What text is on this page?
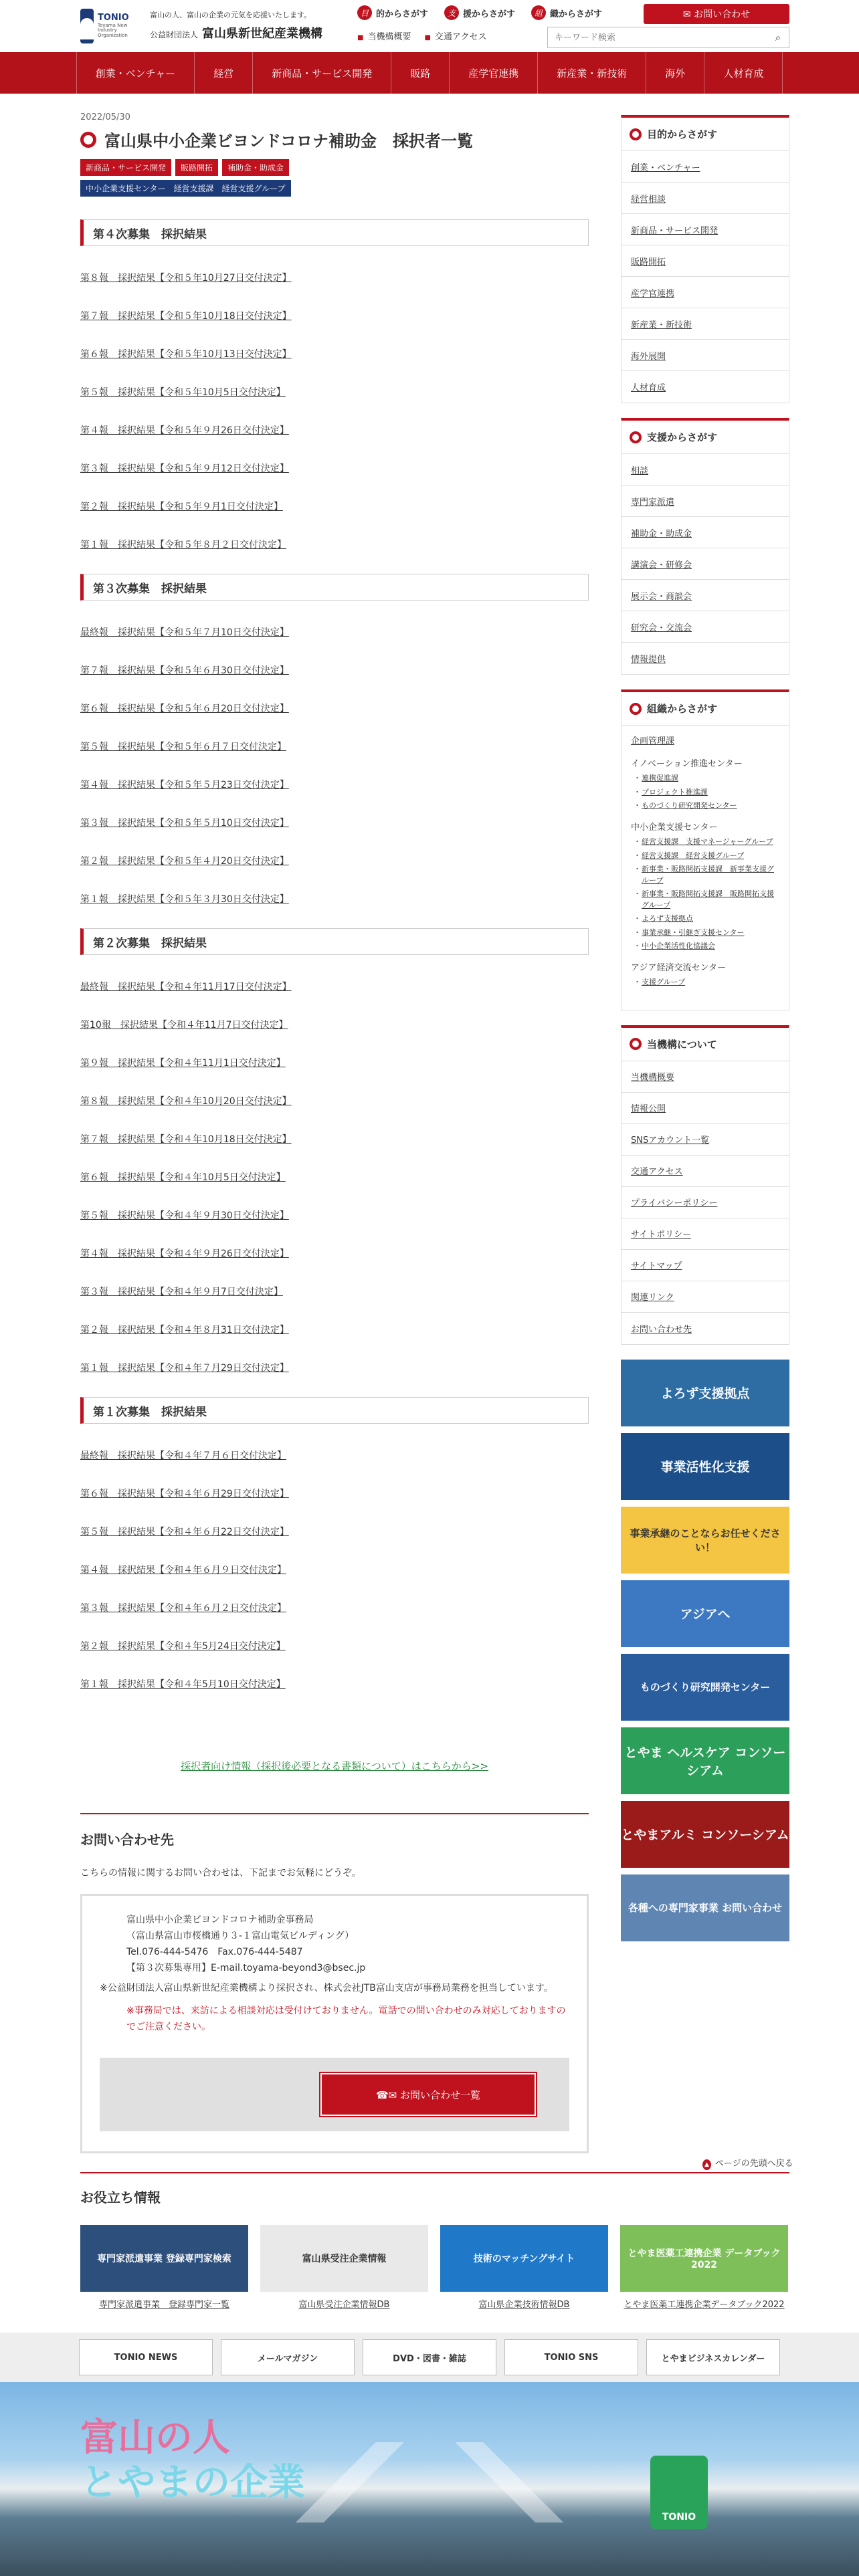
TONIO
Toyama New Industry Organization
富山の人、富山の企業の元気を応援いたします。
公益財団法人 富山県新世紀産業機構
目 的からさがす	支 援からさがす	組 織からさがす
■ 当機構概要
■	交通アクセス
✉ お問い合わせ
キーワード検索
⌕
創業・ベンチャー	経営	新商品・サービス開発	販路	産学官連携	新産業・新技術	海外	人材育成
2022/05/30
富山県中小企業ビヨンドコロナ補助金　採択者一覧
新商品・サービス開発	販路開拓	補助金・助成金
中小企業支援センター　経営支援課　経営支援グループ
第４次募集　採択結果
第８報　採択結果【令和５年10月27日交付決定】
第７報　採択結果【令和５年10月18日交付決定】
第６報　採択結果【令和５年10月13日交付決定】
第５報　採択結果【令和５年10月5日交付決定】
第４報　採択結果【令和５年９月26日交付決定】
第３報　採択結果【令和５年９月12日交付決定】
第２報　採択結果【令和５年９月1日交付決定】
第１報　採択結果【令和５年８月２日交付決定】
第３次募集　採択結果
最終報　採択結果【令和５年７月10日交付決定】
第７報　採択結果【令和５年６月30日交付決定】
第６報　採択結果【令和５年６月20日交付決定】
第５報　採択結果【令和５年６月７日交付決定】
第４報　採択結果【令和５年５月23日交付決定】
第３報　採択結果【令和５年５月10日交付決定】
第２報　採択結果【令和５年４月20日交付決定】
第１報　採択結果【令和５年３月30日交付決定】
第２次募集　採択結果
最終報　採択結果【令和４年11月17日交付決定】
第10報　採択結果【令和４年11月7日交付決定】
第９報　採択結果【令和４年11月1日交付決定】
第８報　採択結果【令和４年10月20日交付決定】
第７報　採択結果【令和４年10月18日交付決定】
第６報　採択結果【令和４年10月5日交付決定】
第５報　採択結果【令和４年９月30日交付決定】
第４報　採択結果【令和４年９月26日交付決定】
第３報　採択結果【令和４年９月7日交付決定】
第２報　採択結果【令和４年８月31日交付決定】
第１報　採択結果【令和４年７月29日交付決定】
第１次募集　採択結果
最終報　採択結果【令和４年７月６日交付決定】
第６報　採択結果【令和４年６月29日交付決定】
第５報　採択結果【令和４年６月22日交付決定】
第４報　採択結果【令和４年６月９日交付決定】
第３報　採択結果【令和４年６月２日交付決定】
第２報　採択結果【令和４年5月24日交付決定】
第１報　採択結果【令和４年5月10日交付決定】
採択者向け情報（採択後必要となる書類について）はこちらから>>
お問い合わせ先

こちらの情報に関するお問い合わせは、下記までお気軽にどうぞ。

富山県中小企業ビヨンドコロナ補助金事務局
（富山県富山市桜橋通り３-１富山電気ビルディング）
Tel.076-444-5476　Fax.076-444-5487
【第３次募集専用】E-mail.toyama-beyond3@bsec.jp

※公益財団法人富山県新世紀産業機構より採択され、株式会社JTB富山支店が事務局業務を担当しています。

※事務局では、来訪による相談対応は受付けておりません。電話での問い合わせのみ対応しておりますのでご注意ください。

☎✉ お問い合わせ一覧
目的からさがす
創業・ベンチャー
経営相談
新商品・サービス開発
販路開拓
産学官連携
新産業・新技術
海外展開
人材育成
支援からさがす
相談
専門家派遣
補助金・助成金
講演会・研修会
展示会・商談会
研究会・交流会
情報提供
組織からさがす
企画管理課
イノベーション推進センター
・ 連携促進課
・ プロジェクト推進課
・ ものづくり研究開発センター
中小企業支援センター
・ 経営支援課　支援マネージャーグループ
・ 経営支援課　経営支援グループ
・ 新事業・販路開拓支援課　新事業支援グループ
・ 新事業・販路開拓支援課　販路開拓支援グループ
・ よろず支援拠点
・ 事業承継・引継ぎ支援センター
・ 中小企業活性化協議会
アジア経済交流センター
・ 支援グループ
当機構について
当機構概要
情報公開
SNSアカウント一覧
交通アクセス
プライバシーポリシー
サイトポリシー
サイトマップ
関連リンク
お問い合わせ先
よろず支援拠点
事業活性化支援
事業承継のことならお任せください！
アジアへ
ものづくり研究開発センター
とやま ヘルスケア コンソーシアム
とやまアルミ コンソーシアム
各種への専門家事業 お問い合わせ
▲ ページの先頭へ戻る
お役立ち情報
専門家派遣事業 登録専門家検索
専門家派遣事業　登録専門家一覧
富山県受注企業情報
富山県受注企業情報DB
技術のマッチングサイト
富山県企業技術情報DB
とやま医薬工連携企業 データブック2022
とやま医薬工連携企業データブック2022
TONIO NEWS	メールマガジン	DVD・図書・雑誌	TONIO SNS	とやまビジネスカレンダー
富山の人
とやまの企業
TONIO
